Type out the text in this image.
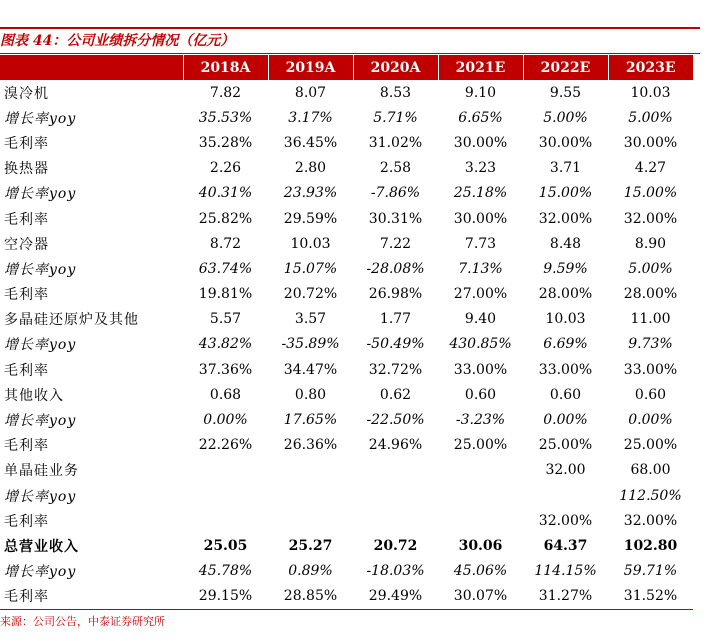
图表 44：公司业绩拆分情况（亿元）
	2018A	2019A	2020A	2021E	2022E	2023E
溴冷机	7.82	8.07	8.53	9.10	9.55	10.03
增长率yoy	35.53%	3.17%	5.71%	6.65%	5.00%	5.00%
毛利率	35.28%	36.45%	31.02%	30.00%	30.00%	30.00%
换热器	2.26	2.80	2.58	3.23	3.71	4.27
增长率yoy	40.31%	23.93%	-7.86%	25.18%	15.00%	15.00%
毛利率	25.82%	29.59%	30.31%	30.00%	32.00%	32.00%
空冷器	8.72	10.03	7.22	7.73	8.48	8.90
增长率yoy	63.74%	15.07%	-28.08%	7.13%	9.59%	5.00%
毛利率	19.81%	20.72%	26.98%	27.00%	28.00%	28.00%
多晶硅还原炉及其他	5.57	3.57	1.77	9.40	10.03	11.00
增长率yoy	43.82%	-35.89%	-50.49%	430.85%	6.69%	9.73%
毛利率	37.36%	34.47%	32.72%	33.00%	33.00%	33.00%
其他收入	0.68	0.80	0.62	0.60	0.60	0.60
增长率yoy	0.00%	17.65%	-22.50%	-3.23%	0.00%	0.00%
毛利率	22.26%	26.36%	24.96%	25.00%	25.00%	25.00%
单晶硅业务					32.00	68.00
增长率yoy						112.50%
毛利率					32.00%	32.00%
总营业收入	25.05	25.27	20.72	30.06	64.37	102.80
增长率yoy	45.78%	0.89%	-18.03%	45.06%	114.15%	59.71%
毛利率	29.15%	28.85%	29.49%	30.07%	31.27%	31.52%
来源：公司公告，中泰证券研究所
